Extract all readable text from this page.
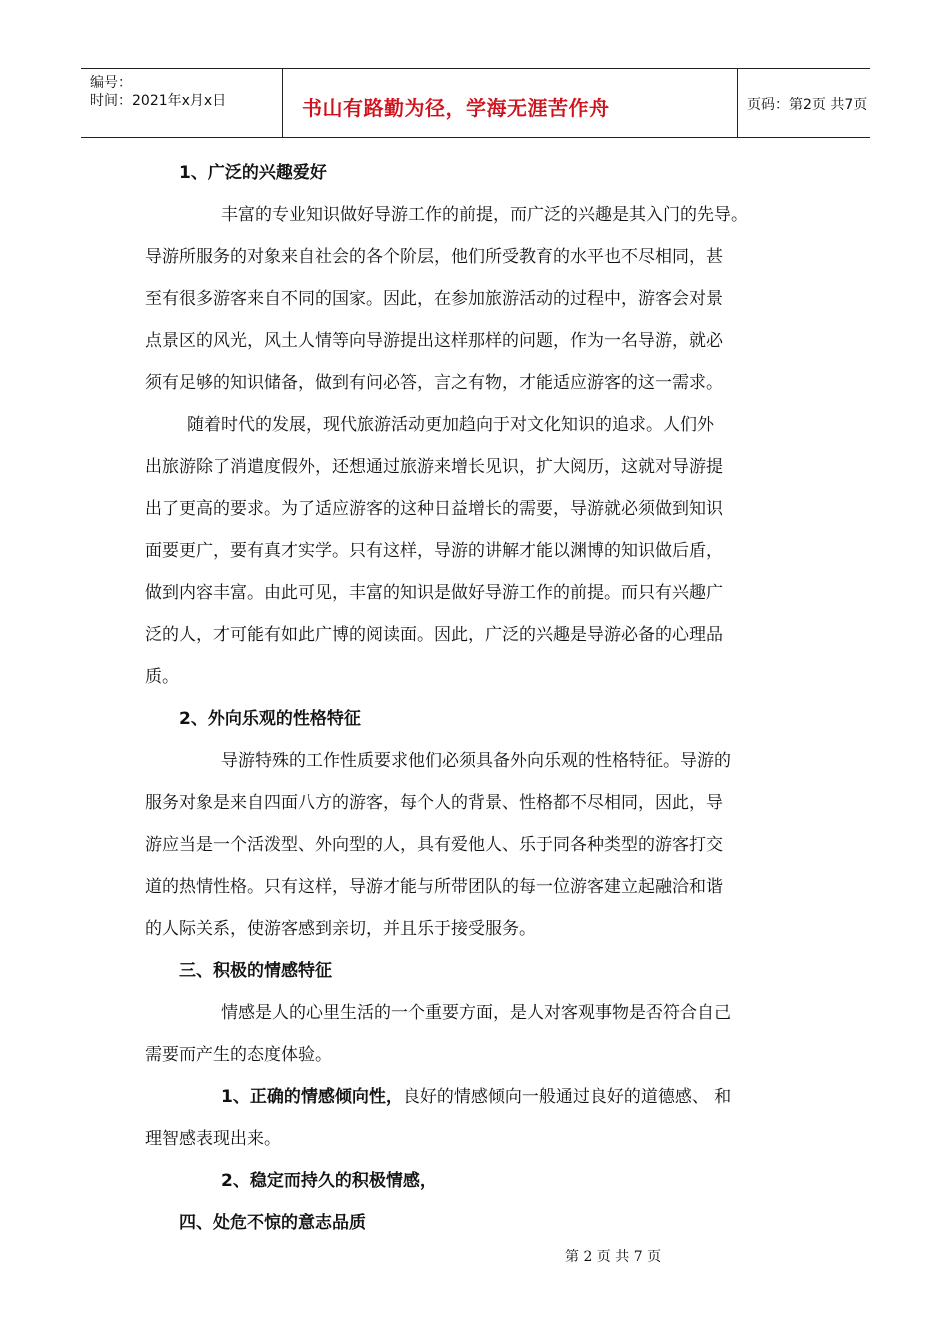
编号：
时间：2021年x月x日	书山有路勤为径，学海无涯苦作舟	页码：第2页 共7页
1、广泛的兴趣爱好
丰富的专业知识做好导游工作的前提，而广泛的兴趣是其入门的先导。
导游所服务的对象来自社会的各个阶层，他们所受教育的水平也不尽相同，甚
至有很多游客来自不同的国家。因此，在参加旅游活动的过程中，游客会对景
点景区的风光，风土人情等向导游提出这样那样的问题，作为一名导游，就必
须有足够的知识储备，做到有问必答，言之有物，才能适应游客的这一需求。
随着时代的发展，现代旅游活动更加趋向于对文化知识的追求。人们外
出旅游除了消遣度假外，还想通过旅游来增长见识，扩大阅历，这就对导游提
出了更高的要求。为了适应游客的这种日益增长的需要，导游就必须做到知识
面要更广，要有真才实学。只有这样，导游的讲解才能以渊博的知识做后盾，
做到内容丰富。由此可见，丰富的知识是做好导游工作的前提。而只有兴趣广
泛的人，才可能有如此广博的阅读面。因此，广泛的兴趣是导游必备的心理品
质。
2、外向乐观的性格特征
导游特殊的工作性质要求他们必须具备外向乐观的性格特征。导游的
服务对象是来自四面八方的游客，每个人的背景、性格都不尽相同，因此，导
游应当是一个活泼型、外向型的人，具有爱他人、乐于同各种类型的游客打交
道的热情性格。只有这样，导游才能与所带团队的每一位游客建立起融洽和谐
的人际关系，使游客感到亲切，并且乐于接受服务。
三、积极的情感特征
情感是人的心里生活的一个重要方面，是人对客观事物是否符合自己
需要而产生的态度体验。
1、正确的情感倾向性，良好的情感倾向一般通过良好的道德感、 和
理智感表现出来。
2、稳定而持久的积极情感，
四、处危不惊的意志品质
第 2 页 共 7 页
